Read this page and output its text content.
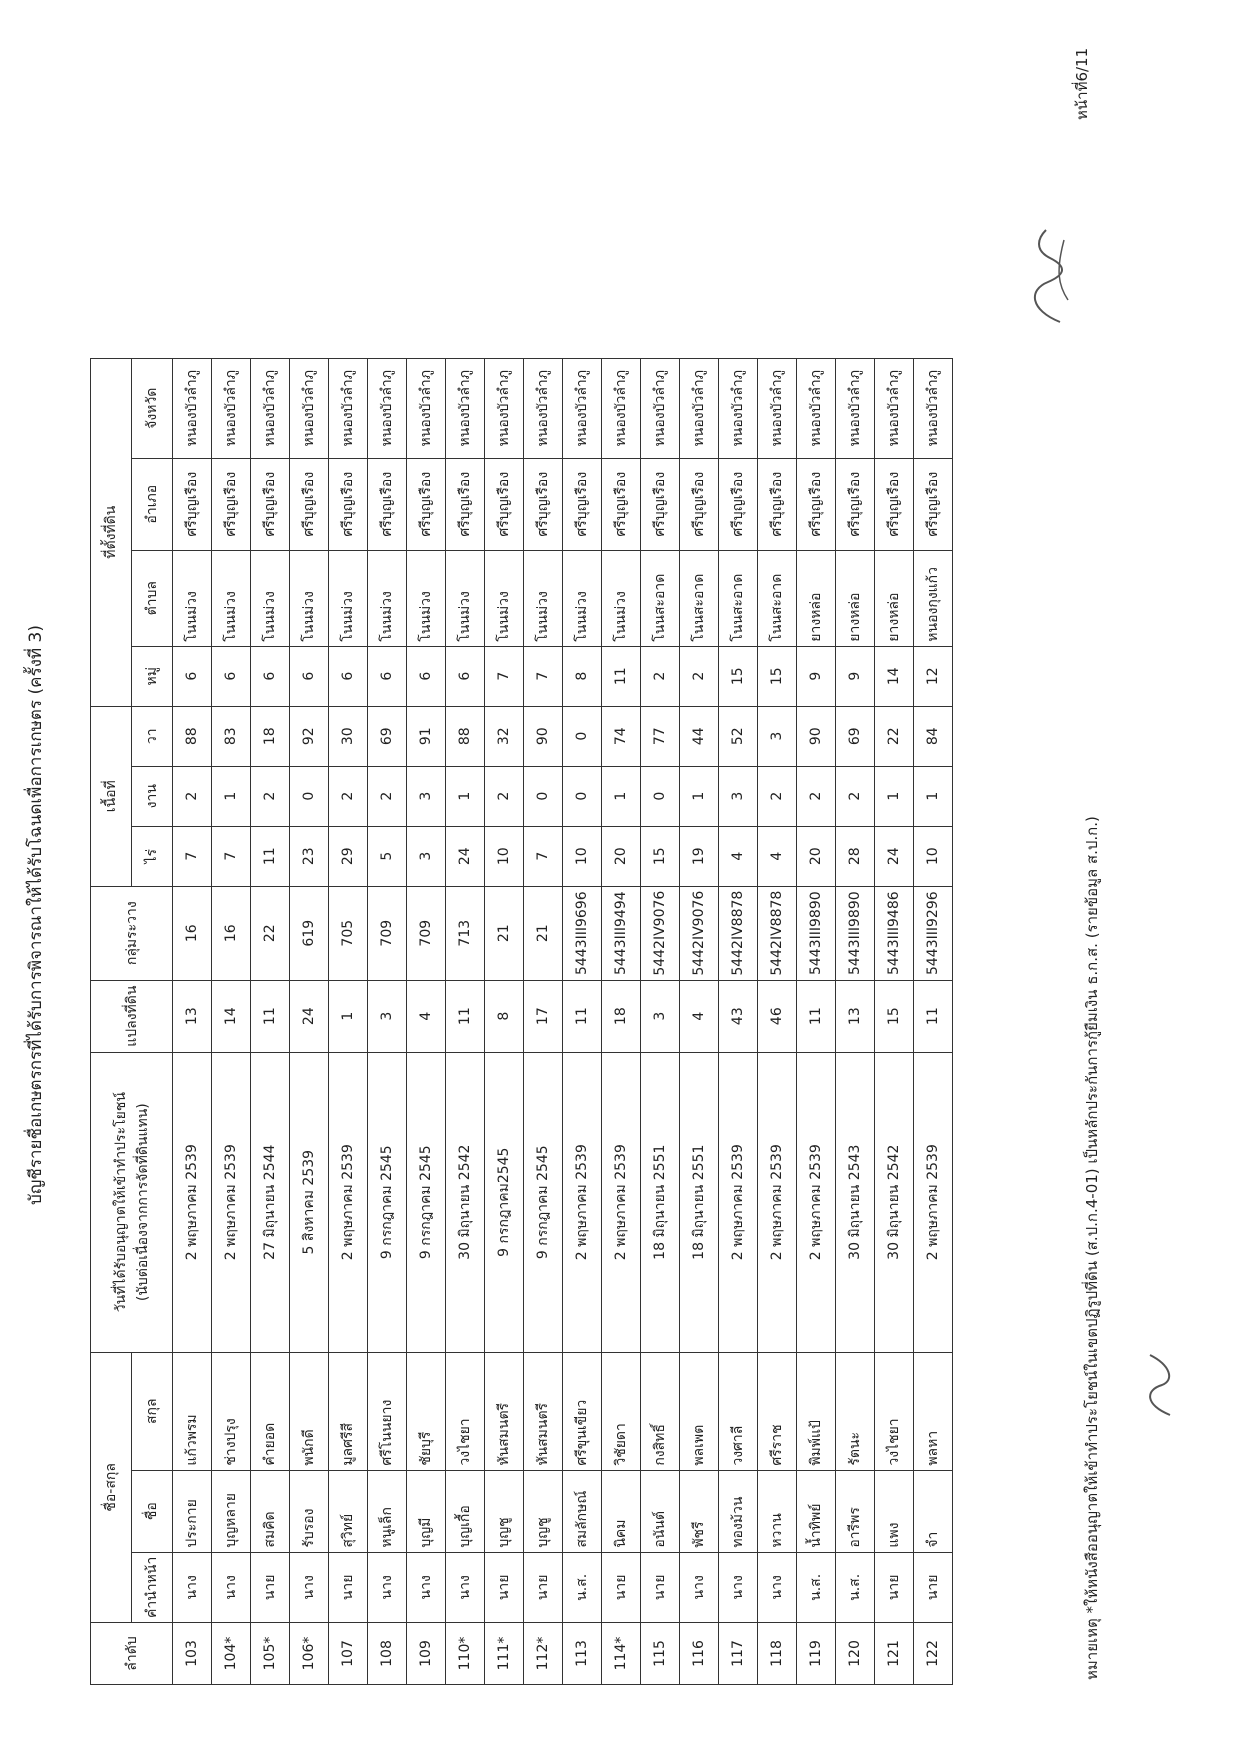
บัญชีรายชื่อเกษตรกรที่ได้รับการพิจารณาให้ได้รับโฉนดเพื่อการเกษตร (ครั้งที่ 3)
ลำดับ	ชื่อ-สกุล			วันที่ได้รับอนุญาตให้เข้าทำประโยชน์ (นับต่อเนื่องจากการจัดที่ดินแทน)	แปลงที่ดิน	กลุ่มระวาง	เนื้อที่			ที่ตั้งที่ดิน			
	คำนำหน้า	ชื่อ	สกุล				ไร่	งาน	วา	หมู่	ตำบล	อำเภอ	จังหวัด
103	นาง	ประกาย	แก้วพรม	2 พฤษภาคม 2539	13	16	7	2	88	6	โนนม่วง	ศรีบุญเรือง	หนองบัวลำภู
104*	นาง	บุญหลาย	ช่างปรุง	2 พฤษภาคม 2539	14	16	7	1	83	6	โนนม่วง	ศรีบุญเรือง	หนองบัวลำภู
105*	นาย	สมคิด	คำยอด	27 มิถุนายน 2544	11	22	11	2	18	6	โนนม่วง	ศรีบุญเรือง	หนองบัวลำภู
106*	นาง	รับรอง	พนักดี	5 สิงหาคม 2539	24	619	23	0	92	6	โนนม่วง	ศรีบุญเรือง	หนองบัวลำภู
107	นาย	สุวิทย์	มูลศรีสี	2 พฤษภาคม 2539	1	705	29	2	30	6	โนนม่วง	ศรีบุญเรือง	หนองบัวลำภู
108	นาง	หนูเล็ก	ศรีโนนยาง	9 กรกฎาคม 2545	3	709	5	2	69	6	โนนม่วง	ศรีบุญเรือง	หนองบัวลำภู
109	นาง	บุญมี	ชัยบุรี	9 กรกฎาคม 2545	4	709	3	3	91	6	โนนม่วง	ศรีบุญเรือง	หนองบัวลำภู
110*	นาง	บุญเกื้อ	วงไชยา	30 มิถุนายน 2542	11	713	24	1	88	6	โนนม่วง	ศรีบุญเรือง	หนองบัวลำภู
111*	นาย	บุญชู	หันสมนตรี	9 กรกฎาคม2545	8	21	10	2	32	7	โนนม่วง	ศรีบุญเรือง	หนองบัวลำภู
112*	นาย	บุญชู	หันสมนตรี	9 กรกฎาคม 2545	17	21	7	0	90	7	โนนม่วง	ศรีบุญเรือง	หนองบัวลำภู
113	น.ส.	สมลักษณ์	ศรีขุนเขียว	2 พฤษภาคม 2539	11	5443III9696	10	0	0	8	โนนม่วง	ศรีบุญเรือง	หนองบัวลำภู
114*	นาย	นิคม	วิชัยดา	2 พฤษภาคม 2539	18	5443III9494	20	1	74	11	โนนม่วง	ศรีบุญเรือง	หนองบัวลำภู
115	นาย	อนันต์	กงสิทธิ์	18 มิถุนายน 2551	3	5442IV9076	15	0	77	2	โนนสะอาด	ศรีบุญเรือง	หนองบัวลำภู
116	นาง	พัชรี	พลเพต	18 มิถุนายน 2551	4	5442IV9076	19	1	44	2	โนนสะอาด	ศรีบุญเรือง	หนองบัวลำภู
117	นาง	ทองม้วน	วงศาลี	2 พฤษภาคม 2539	43	5442IV8878	4	3	52	15	โนนสะอาด	ศรีบุญเรือง	หนองบัวลำภู
118	นาง	หวาน	ศรีราช	2 พฤษภาคม 2539	46	5442IV8878	4	2	3	15	โนนสะอาด	ศรีบุญเรือง	หนองบัวลำภู
119	น.ส.	น้ำทิพย์	พิมพ์แป้	2 พฤษภาคม 2539	11	5443III9890	20	2	90	9	ยางหล่อ	ศรีบุญเรือง	หนองบัวลำภู
120	น.ส.	อารีพร	รัตนะ	30 มิถุนายน 2543	13	5443III9890	28	2	69	9	ยางหล่อ	ศรีบุญเรือง	หนองบัวลำภู
121	นาย	แพง	วงไชยา	30 มิถุนายน 2542	15	5443III9486	24	1	22	14	ยางหล่อ	ศรีบุญเรือง	หนองบัวลำภู
122	นาย	จำ	พลหา	2 พฤษภาคม 2539	11	5443III9296	10	1	84	12	หนองกุงแก้ว	ศรีบุญเรือง	หนองบัวลำภู
หมายเหตุ *ให้หนังสืออนุญาตให้เข้าทำประโยชน์ในเขตปฏิรูปที่ดิน (ส.ป.ก.4-01) เป็นหลักประกันการกู้ยืมเงิน ธ.ก.ส. (รายข้อมูล ส.ป.ก.)
หน้าที่6/11
